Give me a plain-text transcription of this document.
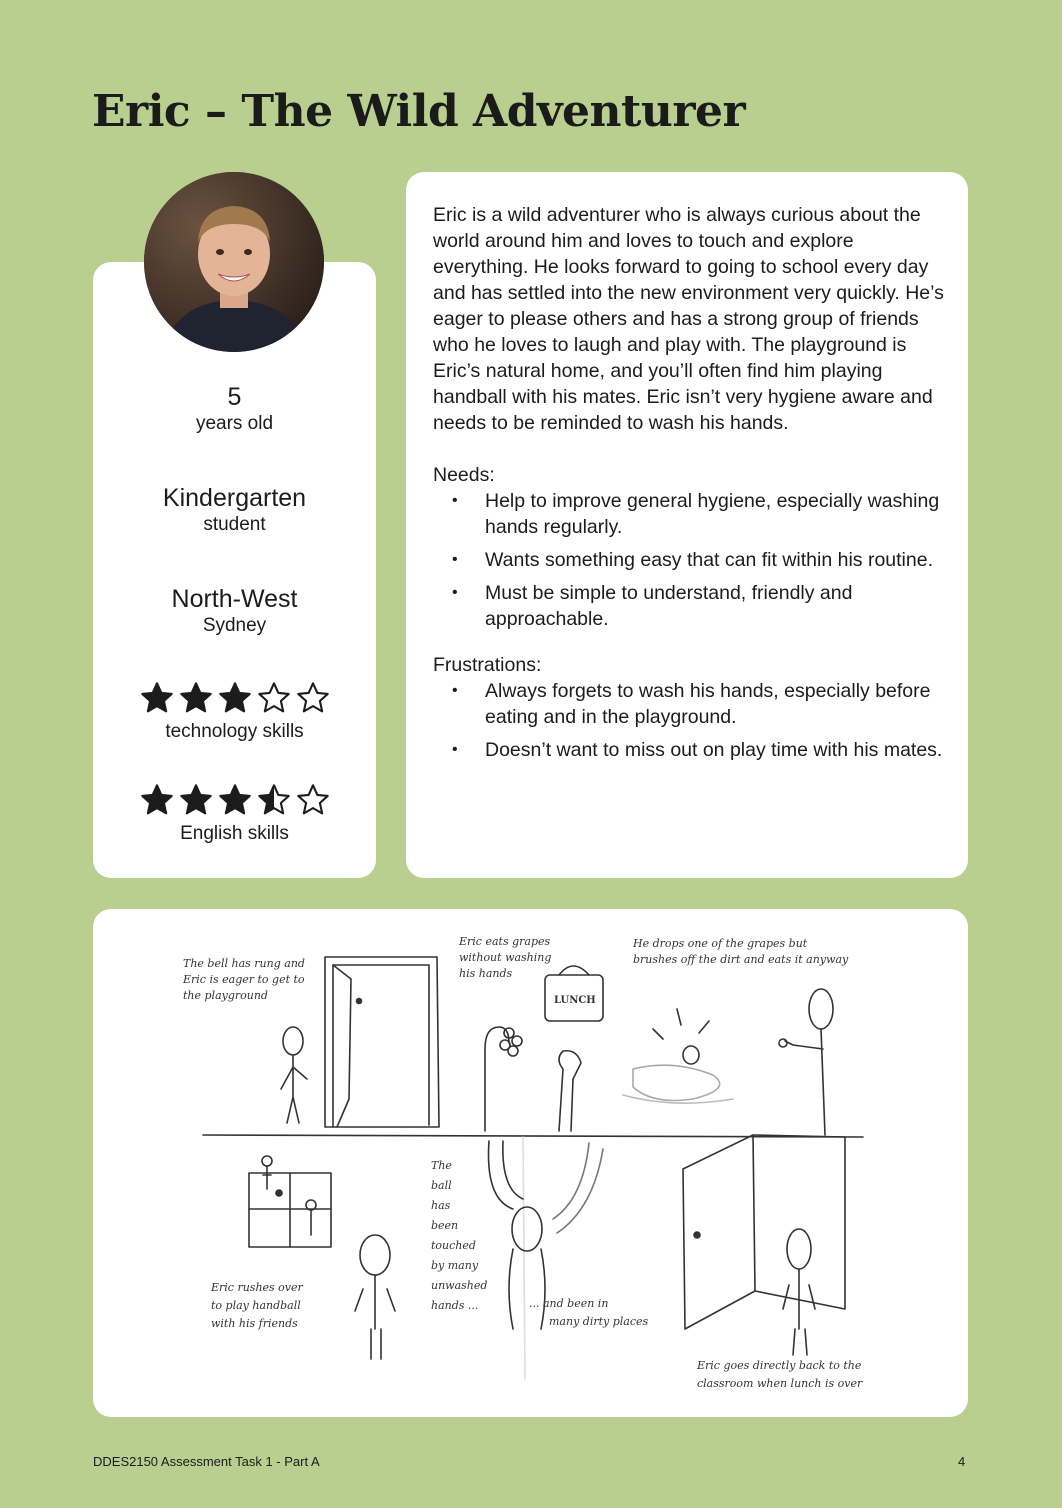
Eric – The Wild Adventurer
5
years old
Kindergarten
student
North-West
Sydney
technology skills
English skills

Eric is a wild adventurer who is always curious about the world around him and loves to touch and explore everything. He looks forward to going to school every day and has settled into the new environment very quickly. He’s eager to please others and has a strong group of friends who he loves to laugh and play with. The playground is Eric’s natural home, and you’ll often find him playing handball with his mates. Eric isn’t very hygiene aware and needs to be reminded to wash his hands.

Needs:

• Help to improve general hygiene, especially washing hands regularly.
• Wants something easy that can fit within his routine.
• Must be simple to understand, friendly and approachable.

Frustrations:

• Always forgets to wash his hands, especially before eating and in the playground.
• Doesn’t want to miss out on play time with his mates.
The bell has rung and Eric is eager to get to the playground
Eric eats grapes without washing his hands
LUNCH
He drops one of the grapes but brushes off the dirt and eats it anyway
Eric rushes over to play handball with his friends
The ball has been touched by many unwashed hands ...	... and been in many dirty places
Eric goes directly back to the classroom when lunch is over
DDES2150 Assessment Task 1 - Part A	4
